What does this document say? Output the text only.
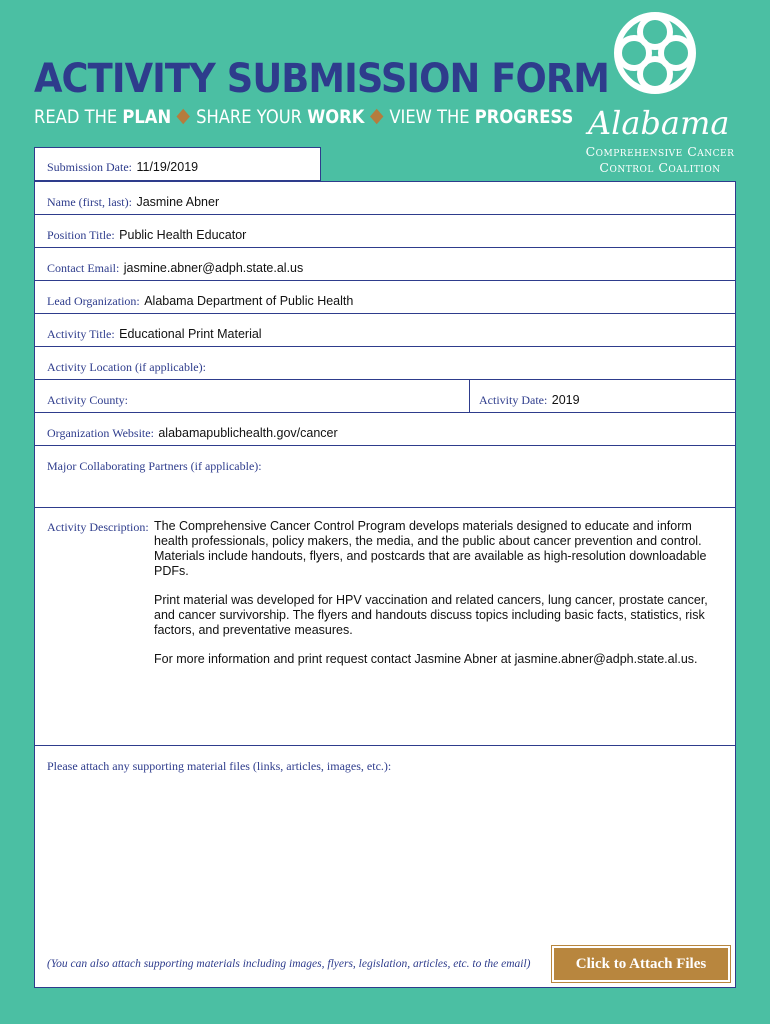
ACTIVITY SUBMISSION FORM
READ THE PLAN SHARE YOUR WORK VIEW THE PROGRESS Alabama
Comprehensive Cancer
Control Coalition
Submission Date: 11/19/2019
Name (first, last): Jasmine Abner
Position Title: Public Health Educator
Contact Email: jasmine.abner@adph.state.al.us
Lead Organization: Alabama Department of Public Health
Activity Title: Educational Print Material
Activity Location (if applicable):
Activity County:	Activity Date: 2019
Organization Website: alabamapublichealth.gov/cancer
Major Collaborating Partners (if applicable):
Activity Description: The Comprehensive Cancer Control Program develops materials designed to educate and inform health professionals, policy makers, the media, and the public about cancer prevention and control. Materials include handouts, flyers, and postcards that are available as high-resolution downloadable PDFs.

Print material was developed for HPV vaccination and related cancers, lung cancer, prostate cancer, and cancer survivorship. The flyers and handouts discuss topics including basic facts, statistics, risk factors, and preventative measures.

For more information and print request contact Jasmine Abner at jasmine.abner@adph.state.al.us.

Please attach any supporting material files (links, articles, images, etc.):
(You can also attach supporting materials including images, flyers, legislation, articles, etc. to the email)	Click to Attach Files
